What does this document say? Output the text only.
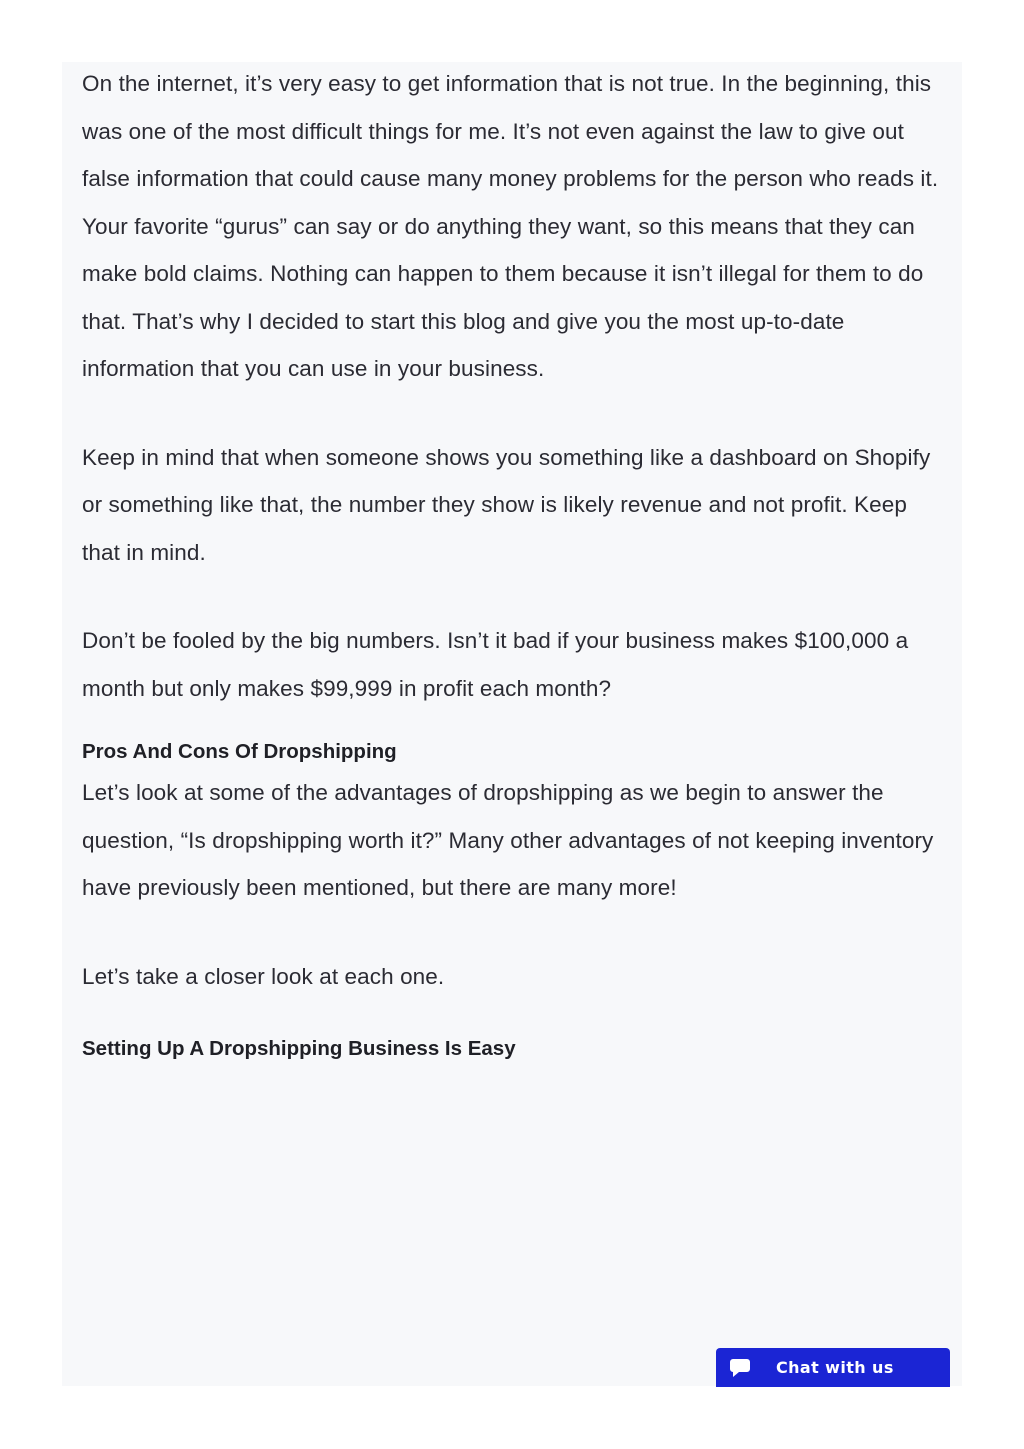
On the internet, it’s very easy to get information that is not true. In the beginning, this was one of the most difficult things for me. It’s not even against the law to give out false information that could cause many money problems for the person who reads it. Your favorite “gurus” can say or do anything they want, so this means that they can make bold claims. Nothing can happen to them because it isn’t illegal for them to do that. That’s why I decided to start this blog and give you the most up-to-date information that you can use in your business.

Keep in mind that when someone shows you something like a dashboard on Shopify or something like that, the number they show is likely revenue and not profit. Keep that in mind.

Don’t be fooled by the big numbers. Isn’t it bad if your business makes $100,000 a month but only makes $99,999 in profit each month?

Pros And Cons Of Dropshipping

Let’s look at some of the advantages of dropshipping as we begin to answer the question, “Is dropshipping worth it?” Many other advantages of not keeping inventory have previously been mentioned, but there are many more!

Let’s take a closer look at each one.

Setting Up A Dropshipping Business Is Easy
Chat with us
